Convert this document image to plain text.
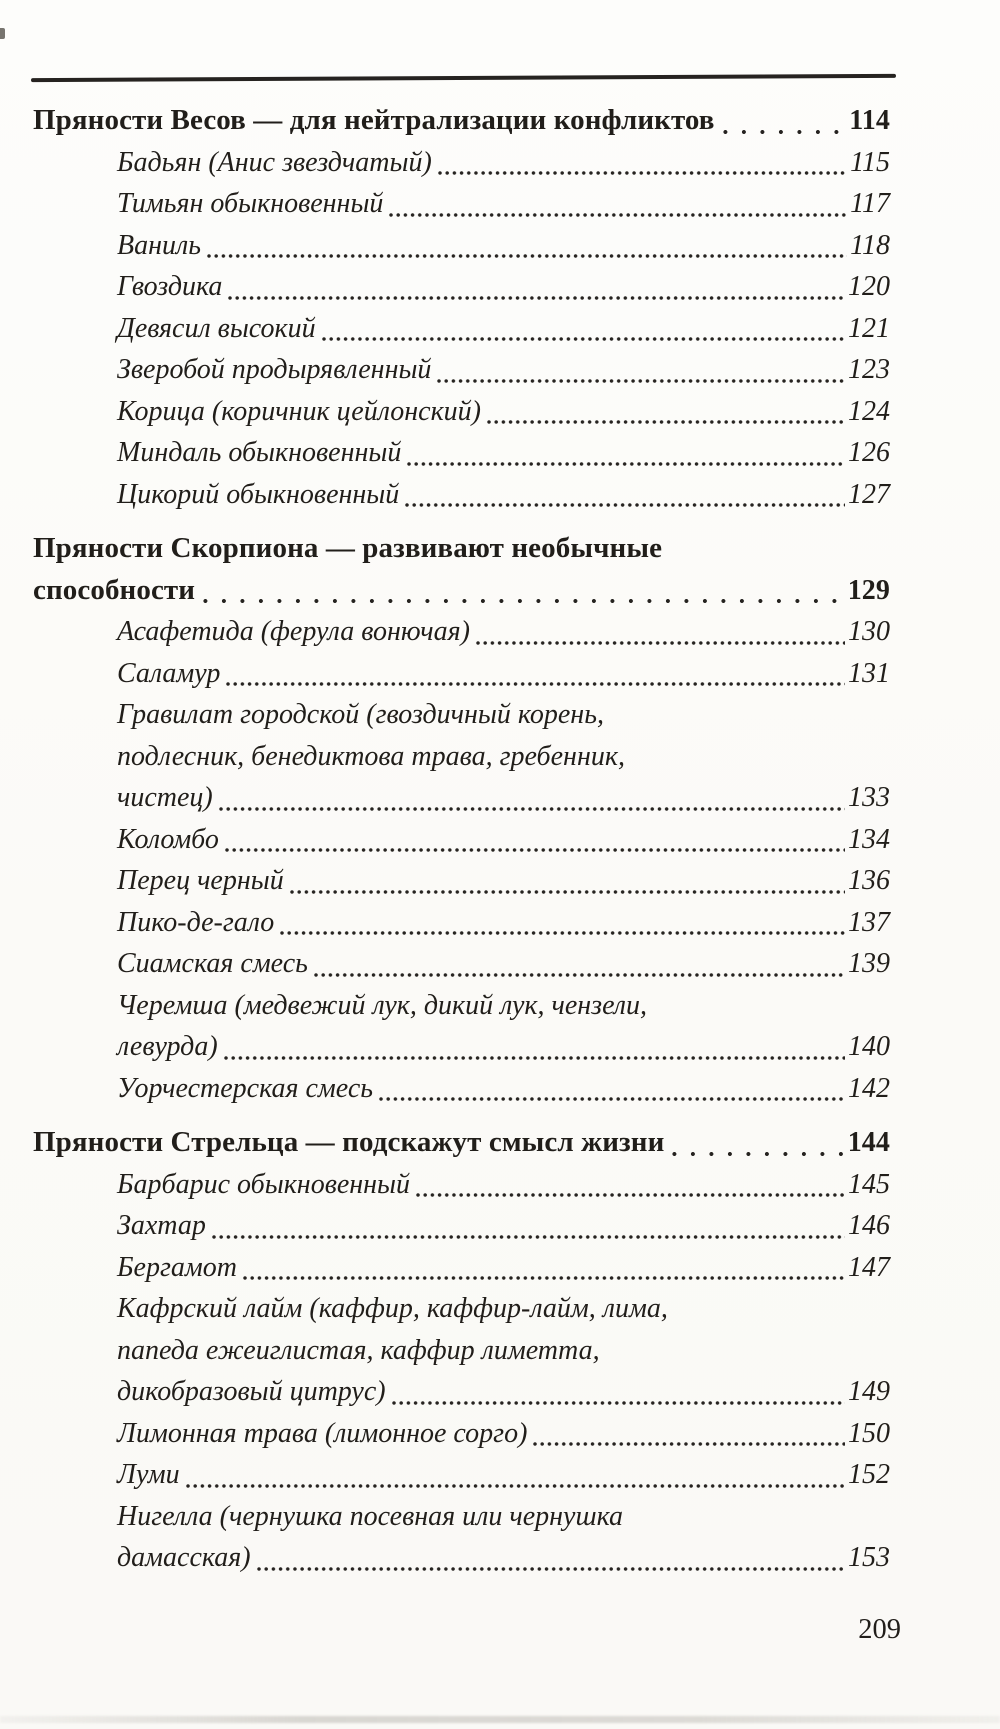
Пряности Весов — для нейтрализации конфликтов	114
Бадьян (Анис звездчатый)	115
Тимьян обыкновенный	117
Ваниль	118
Гвоздика	120
Девясил высокий	121
Зверобой продырявленный	123
Корица (коричник цейлонский)	124
Миндаль обыкновенный	126
Цикорий обыкновенный	127
Пряности Скорпиона — развивают необычные
способности	129
Асафетида (ферула вонючая)	130
Саламур	131
Гравилат городской (гвоздичный корень,
подлесник, бенедиктова трава, гребенник,
чистец)	133
Коломбо	134
Перец черный	136
Пико-де-гало	137
Сиамская смесь	139
Черемша (медвежий лук, дикий лук, чензели,
левурда)	140
Уорчестерская смесь	142
Пряности Стрельца — подскажут смысл жизни	144
Барбарис обыкновенный	145
Захтар	146
Бергамот	147
Кафрский лайм (каффир, каффир-лайм, лима,
папеда ежеиглистая, каффир лиметта,
дикобразовый цитрус)	149
Лимонная трава (лимонное сорго)	150
Луми	152
Нигелла (чернушка посевная или чернушка
дамасская)	153
209
